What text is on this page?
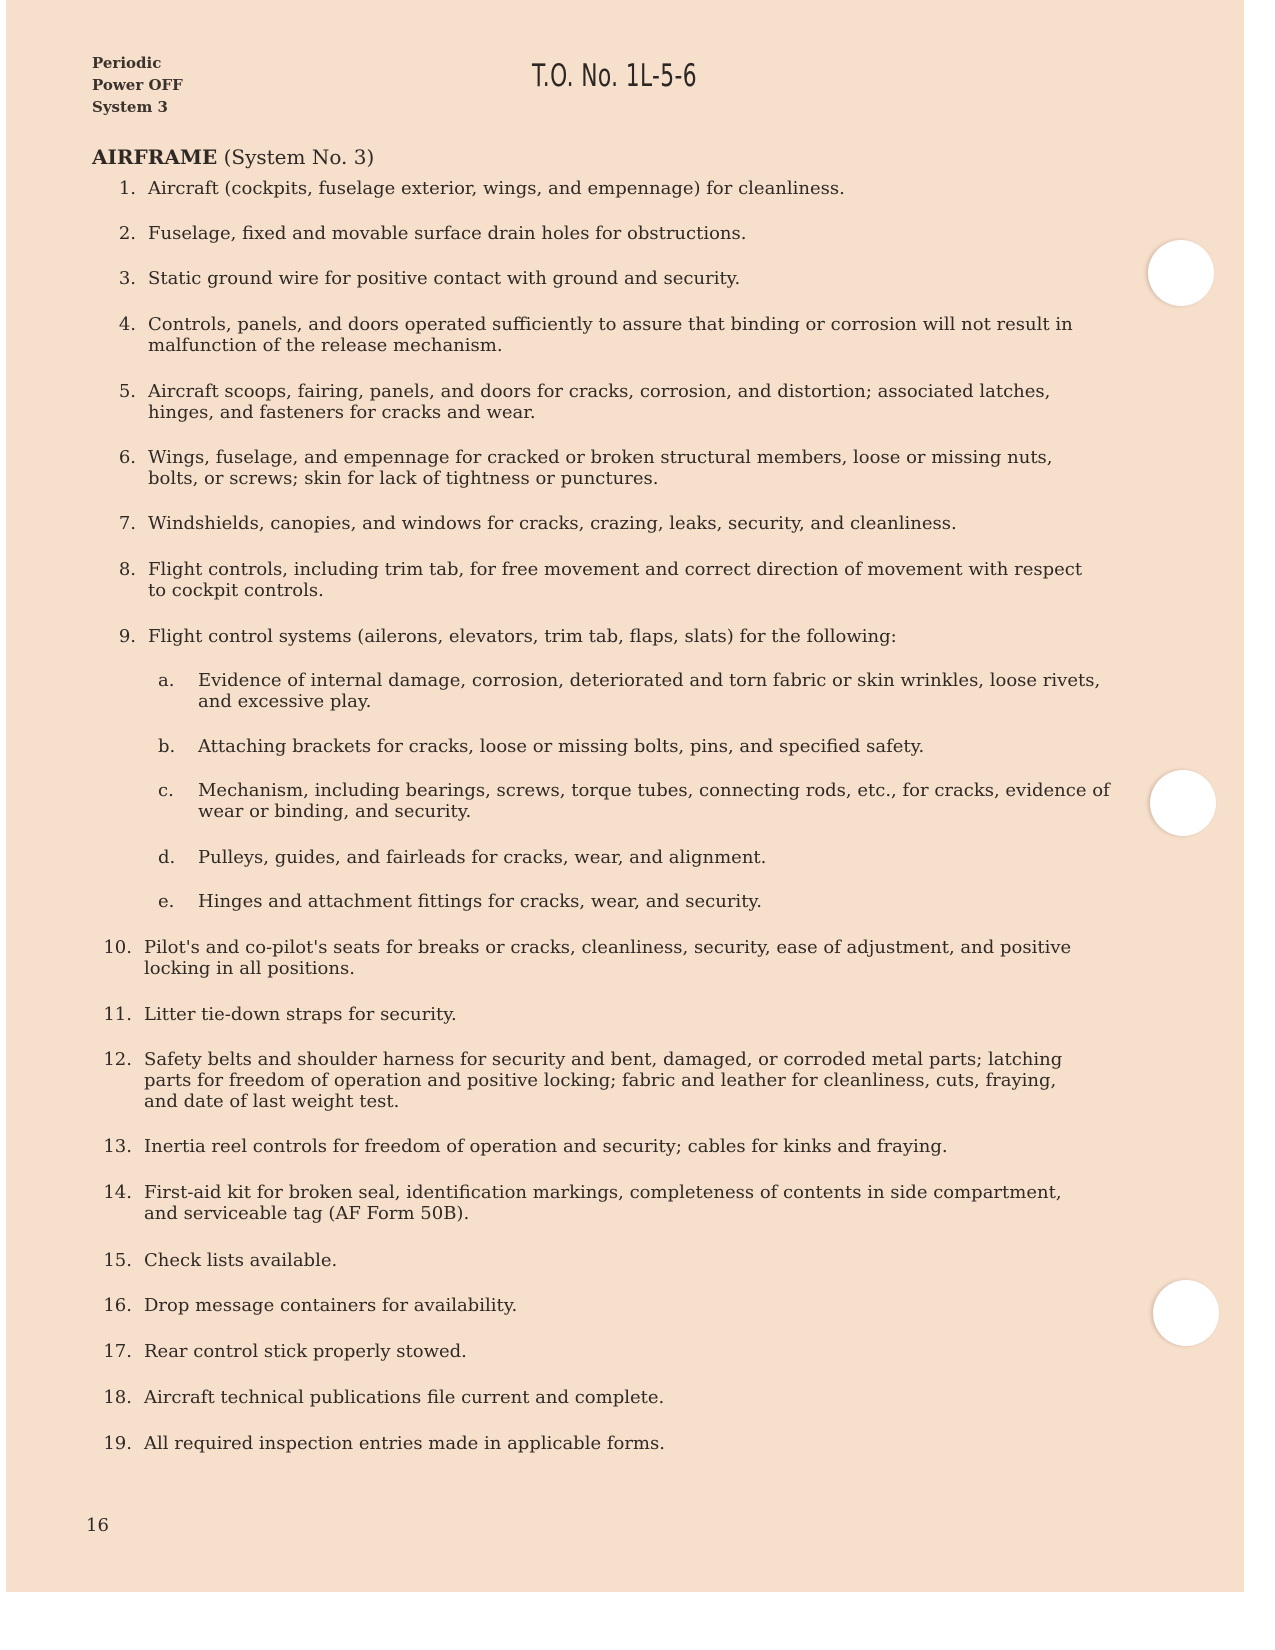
Periodic
Power OFF
System 3
T.O. No. 1L-5-6
AIRFRAME (System No. 3)
1. Aircraft (cockpits, fuselage exterior, wings, and empennage) for cleanliness.
2. Fuselage, fixed and movable surface drain holes for obstructions.
3. Static ground wire for positive contact with ground and security.
4. Controls, panels, and doors operated sufficiently to assure that binding or corrosion will not result in malfunction of the release mechanism.
5. Aircraft scoops, fairing, panels, and doors for cracks, corrosion, and distortion; associated latches, hinges, and fasteners for cracks and wear.
6. Wings, fuselage, and empennage for cracked or broken structural members, loose or missing nuts, bolts, or screws; skin for lack of tightness or punctures.
7. Windshields, canopies, and windows for cracks, crazing, leaks, security, and cleanliness.
8. Flight controls, including trim tab, for free movement and correct direction of movement with respect to cockpit controls.
9. Flight control systems (ailerons, elevators, trim tab, flaps, slats) for the following:
a.	Evidence of internal damage, corrosion, deteriorated and torn fabric or skin wrinkles, loose rivets, and excessive play.
b.	Attaching brackets for cracks, loose or missing bolts, pins, and specified safety.
c.	Mechanism, including bearings, screws, torque tubes, connecting rods, etc., for cracks, evidence of wear or binding, and security.
d.	Pulleys, guides, and fairleads for cracks, wear, and alignment.
e.	Hinges and attachment fittings for cracks, wear, and security.
10. Pilot's and co-pilot's seats for breaks or cracks, cleanliness, security, ease of adjustment, and positive locking in all positions.
11. Litter tie-down straps for security.
12. Safety belts and shoulder harness for security and bent, damaged, or corroded metal parts; latching parts for freedom of operation and positive locking; fabric and leather for cleanliness, cuts, fraying, and date of last weight test.
13. Inertia reel controls for freedom of operation and security; cables for kinks and fraying.
14. First-aid kit for broken seal, identification markings, completeness of contents in side compartment, and serviceable tag (AF Form 50B).
15. Check lists available.
16. Drop message containers for availability.
17. Rear control stick properly stowed.
18. Aircraft technical publications file current and complete.
19. All required inspection entries made in applicable forms.
16
